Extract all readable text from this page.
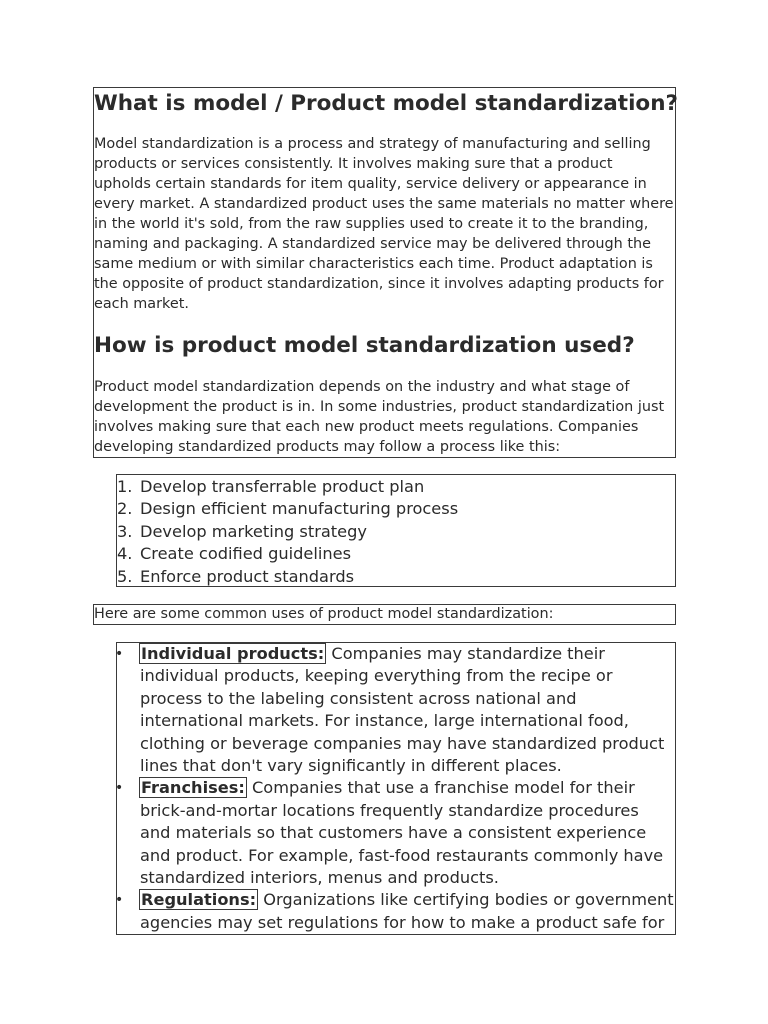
What is model / Product model standardization?

Model standardization is a process and strategy of manufacturing and selling
products or services consistently. It involves making sure that a product
upholds certain standards for item quality, service delivery or appearance in
every market. A standardized product uses the same materials no matter where
in the world it's sold, from the raw supplies used to create it to the branding,
naming and packaging. A standardized service may be delivered through the
same medium or with similar characteristics each time. Product adaptation is
the opposite of product standardization, since it involves adapting products for
each market.

How is product model standardization used?

Product model standardization depends on the industry and what stage of
development the product is in. In some industries, product standardization just
involves making sure that each new product meets regulations. Companies
developing standardized products may follow a process like this:

1. Develop transferrable product plan
2. Design efficient manufacturing process
3. Develop marketing strategy
4. Create codified guidelines
5. Enforce product standards

Here are some common uses of product model standardization:

• Individual products: Companies may standardize their
individual products, keeping everything from the recipe or
process to the labeling consistent across national and
international markets. For instance, large international food,
clothing or beverage companies may have standardized product
lines that don't vary significantly in different places.
• Franchises: Companies that use a franchise model for their
brick-and-mortar locations frequently standardize procedures
and materials so that customers have a consistent experience
and product. For example, fast-food restaurants commonly have
standardized interiors, menus and products.
• Regulations: Organizations like certifying bodies or government
agencies may set regulations for how to make a product safe for
